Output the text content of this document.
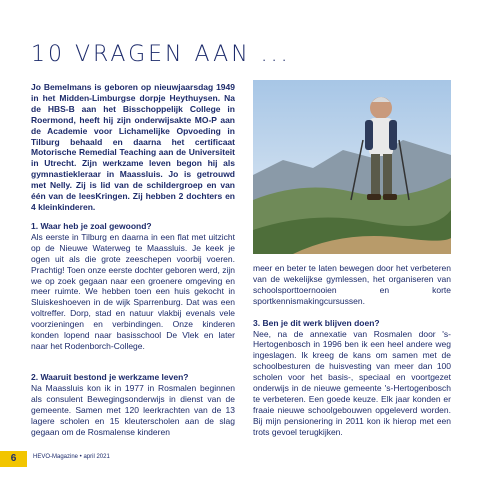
10 VRAGEN AAN ...

Jo Bemelmans is geboren op nieuwjaarsdag 1949 in het Midden-Limburgse dorpje Heythuysen. Na de HBS-B aan het Bisschoppelijk College in Roermond, heeft hij zijn onderwijsakte MO-P aan de Academie voor Lichamelijke Opvoeding in Tilburg behaald en daarna het certificaat Motorische Remedial Teaching aan de Universiteit in Utrecht. Zijn werkzame leven begon hij als gymnastiekleraar in Maassluis. Jo is getrouwd met Nelly. Zij is lid van de schildergroep en van één van de leesKringen. Zij hebben 2 dochters en 4 kleinkinderen.

1. Waar heb je zoal gewoond?

Als eerste in Tilburg en daarna in een flat met uitzicht op de Nieuwe Waterweg te Maassluis. Je keek je ogen uit als die grote zeeschepen voorbij voeren. Prachtig! Toen onze eerste dochter geboren werd, zijn we op zoek gegaan naar een groenere omgeving en meer ruimte. We hebben toen een huis gekocht in Sluiskeshoeven in de wijk Sparrenburg. Dat was een voltreffer. Dorp, stad en natuur vlakbij evenals vele voorzieningen en verbindingen. Onze kinderen konden lopend naar basisschool De Vlek en later naar het Rodenborch-College.

2. Waaruit bestond je werkzame leven?

Na Maassluis kon ik in 1977 in Rosmalen beginnen als consulent Bewegingsonderwijs in dienst van de gemeente. Samen met 120 leerkrachten van de 13 lagere scholen en 15 kleuterscholen aan de slag gegaan om de Rosmalense kinderen

meer en beter te laten bewegen door het verbeteren van de wekelijkse gymlessen, het organiseren van schoolsporttoernooien en korte sportkennismakingcursussen.

3. Ben je dit werk blijven doen?

Nee, na de annexatie van Rosmalen door 's-Hertogenbosch in 1996 ben ik een heel andere weg ingeslagen. Ik kreeg de kans om samen met de schoolbesturen de huisvesting van meer dan 100 scholen voor het basis-, speciaal en voortgezet onderwijs in de nieuwe gemeente 's-Hertogenbosch te verbeteren. Een goede keuze. Elk jaar konden er fraaie nieuwe schoolgebouwen opgeleverd worden. Bij mijn pensionering in 2011 kon ik hierop met een trots gevoel terugkijken.

6	HEVO-Magazine • april 2021
